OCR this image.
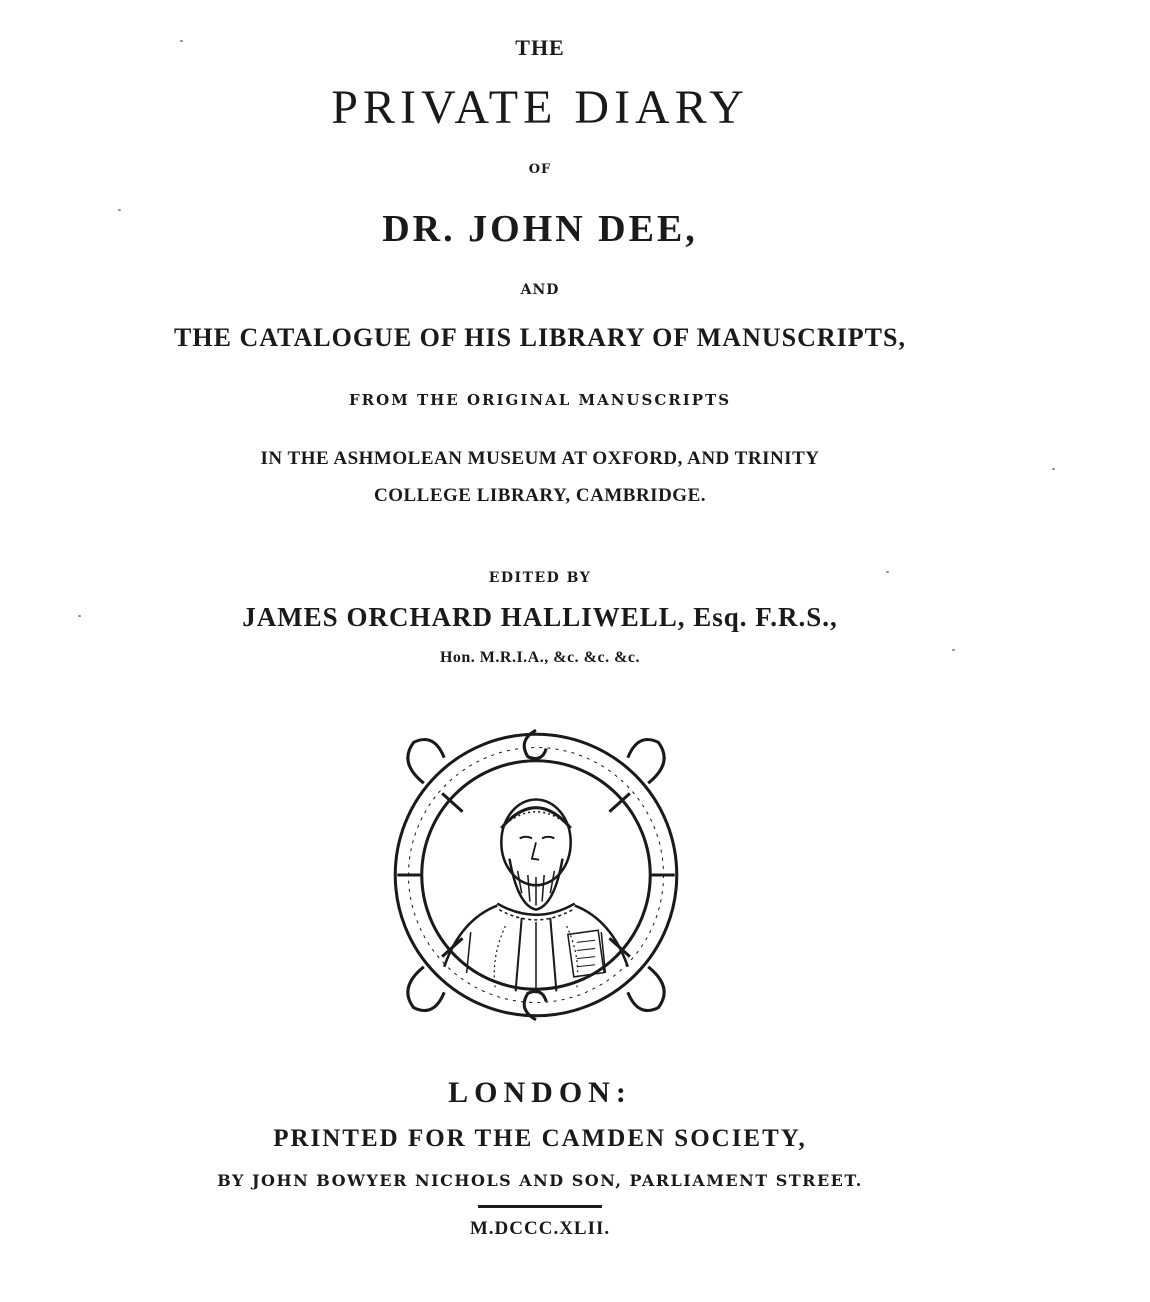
THE
PRIVATE DIARY
OF
DR. JOHN DEE,
AND
THE CATALOGUE OF HIS LIBRARY OF MANUSCRIPTS,
FROM THE ORIGINAL MANUSCRIPTS
IN THE ASHMOLEAN MUSEUM AT OXFORD, AND TRINITY
COLLEGE LIBRARY, CAMBRIDGE.
EDITED BY
JAMES ORCHARD HALLIWELL, Esq. F.R.S.,
Hon. M.R.I.A., &c. &c. &c.
LONDON:
PRINTED FOR THE CAMDEN SOCIETY,
BY JOHN BOWYER NICHOLS AND SON, PARLIAMENT STREET.
M.DCCC.XLII.
